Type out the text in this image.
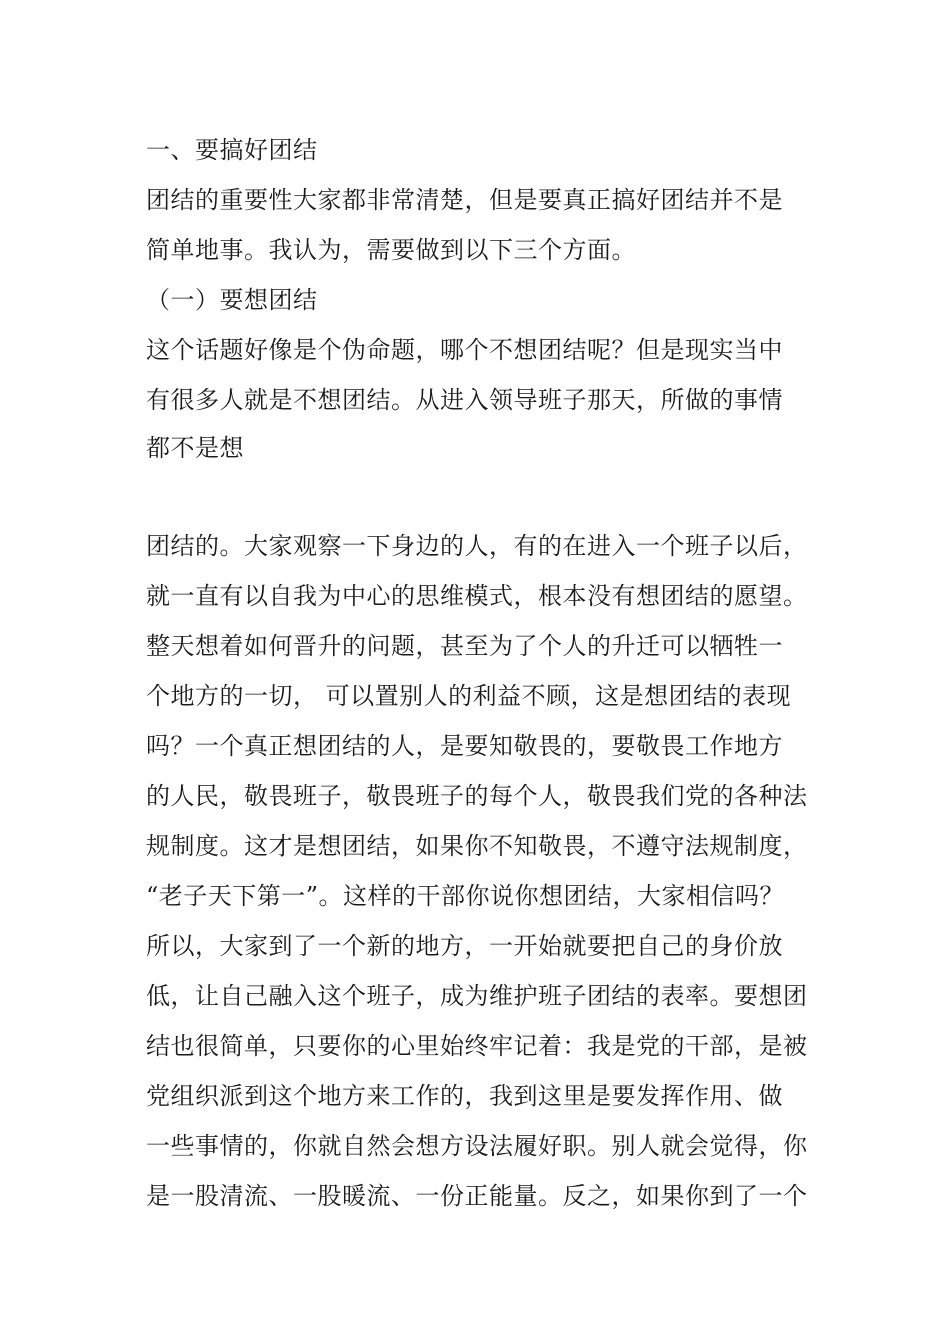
一、要搞好团结
团结的重要性大家都非常清楚，但是要真正搞好团结并不是
简单地事。我认为，需要做到以下三个方面。
（一）要想团结
这个话题好像是个伪命题，哪个不想团结呢？但是现实当中
有很多人就是不想团结。从进入领导班子那天，所做的事情
都不是想
团结的。大家观察一下身边的人，有的在进入一个班子以后，
就一直有以自我为中心的思维模式，根本没有想团结的愿望。
整天想着如何晋升的问题，甚至为了个人的升迁可以牺牲一
个地方的一切， 可以置别人的利益不顾，这是想团结的表现
吗？一个真正想团结的人，是要知敬畏的，要敬畏工作地方
的人民，敬畏班子，敬畏班子的每个人，敬畏我们党的各种法
规制度。这才是想团结，如果你不知敬畏，不遵守法规制度，
“老子天下第一”。这样的干部你说你想团结，大家相信吗？
所以，大家到了一个新的地方，一开始就要把自己的身价放
低，让自己融入这个班子，成为维护班子团结的表率。要想团
结也很简单，只要你的心里始终牢记着：我是党的干部，是被
党组织派到这个地方来工作的，我到这里是要发挥作用、做
一些事情的，你就自然会想方设法履好职。别人就会觉得，你
是一股清流、一股暖流、一份正能量。反之，如果你到了一个
